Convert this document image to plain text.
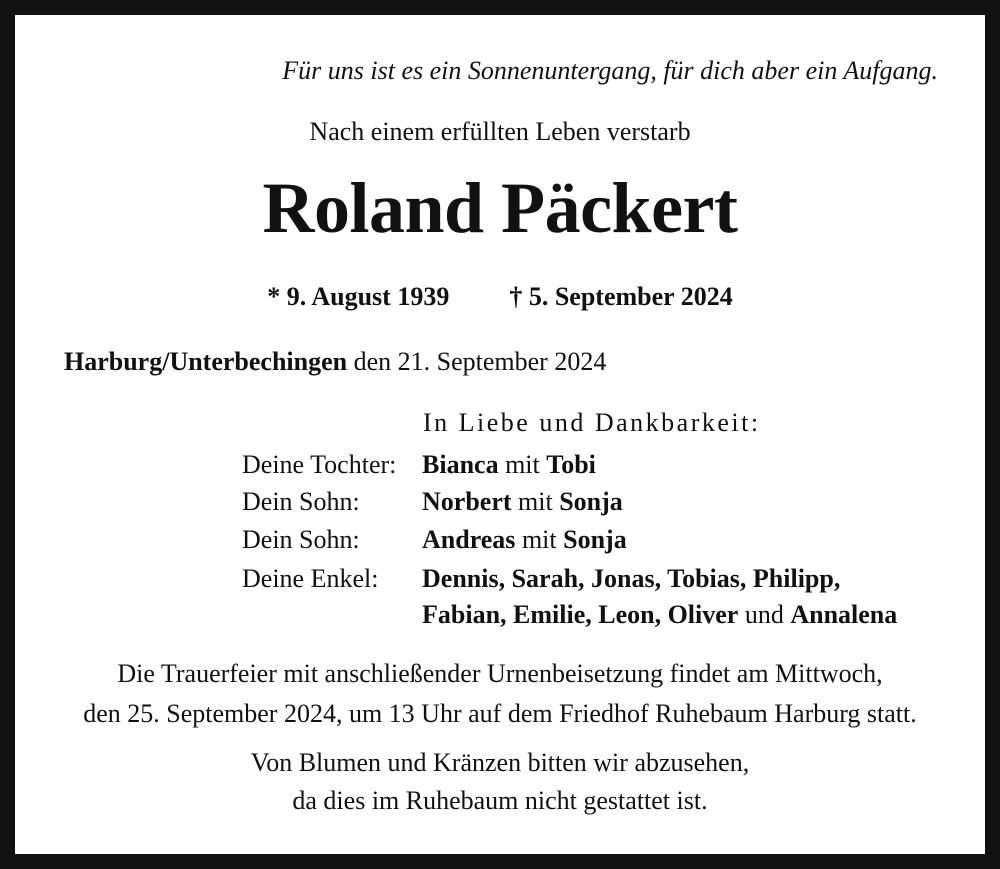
Für uns ist es ein Sonnenuntergang, für dich aber ein Aufgang.
Nach einem erfüllten Leben verstarb
Roland Päckert
* 9. August 1939 † 5. September 2024
Harburg/Unterbechingen den 21. September 2024
In Liebe und Dankbarkeit:
Deine Tochter: Bianca mit Tobi
Dein Sohn: Norbert mit Sonja
Dein Sohn: Andreas mit Sonja
Deine Enkel: Dennis, Sarah, Jonas, Tobias, Philipp,
Fabian, Emilie, Leon, Oliver und Annalena
Die Trauerfeier mit anschließender Urnenbeisetzung findet am Mittwoch,
den 25. September 2024, um 13 Uhr auf dem Friedhof Ruhebaum Harburg statt.
Von Blumen und Kränzen bitten wir abzusehen,
da dies im Ruhebaum nicht gestattet ist.
